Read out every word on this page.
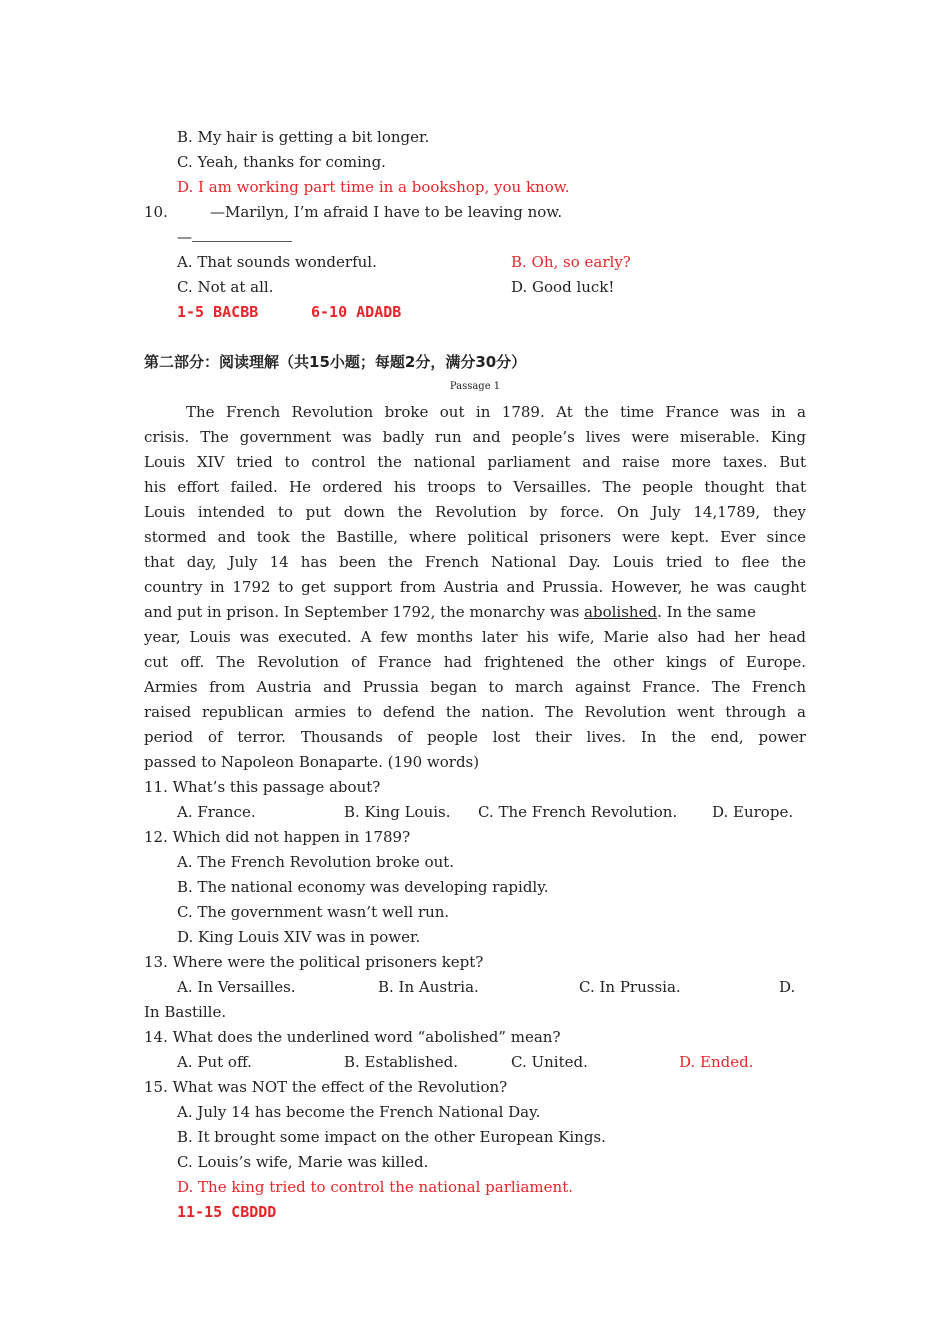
B. My hair is getting a bit longer.
C. Yeah, thanks for coming.
D. I am working part time in a bookshop, you know.
10.	—Marilyn, I’m afraid I have to be leaving now.
—
A. That sounds wonderful.	B. Oh, so early?
C. Not at all.	D. Good luck!
1-5 BACBB	6-10 ADADB
第二部分：阅读理解（共15小题；每题2分，满分30分）
Passage 1
The French Revolution broke out in 1789. At the time France was in a
crisis. The government was badly run and people’s lives were miserable. King
Louis XIV tried to control the national parliament and raise more taxes. But
his effort failed. He ordered his troops to Versailles. The people thought that
Louis intended to put down the Revolution by force. On July 14,1789, they
stormed and took the Bastille, where political prisoners were kept. Ever since
that day, July 14 has been the French National Day. Louis tried to flee the
country in 1792 to get support from Austria and Prussia. However, he was caught
and put in prison. In September 1792, the monarchy was abolished. In the same
year, Louis was executed. A few months later his wife, Marie also had her head
cut off. The Revolution of France had frightened the other kings of Europe.
Armies from Austria and Prussia began to march against France. The French
raised republican armies to defend the nation. The Revolution went through a
period of terror. Thousands of people lost their lives. In the end, power
passed to Napoleon Bonaparte. (190 words)
11. What’s this passage about?
A. France.	B. King Louis. C. The French Revolution. D. Europe.
12. Which did not happen in 1789?
A. The French Revolution broke out.
B. The national economy was developing rapidly.
C. The government wasn’t well run.
D. King Louis XIV was in power.
13. Where were the political prisoners kept?
A. In Versailles.	B. In Austria.	C. In Prussia.	D.
In Bastille.
14. What does the underlined word “abolished” mean?
A. Put off.	B. Established.	C. United.	D. Ended.
15. What was NOT the effect of the Revolution?
A. July 14 has become the French National Day.
B. It brought some impact on the other European Kings.
C. Louis’s wife, Marie was killed.
D. The king tried to control the national parliament.
11-15 CBDDD
